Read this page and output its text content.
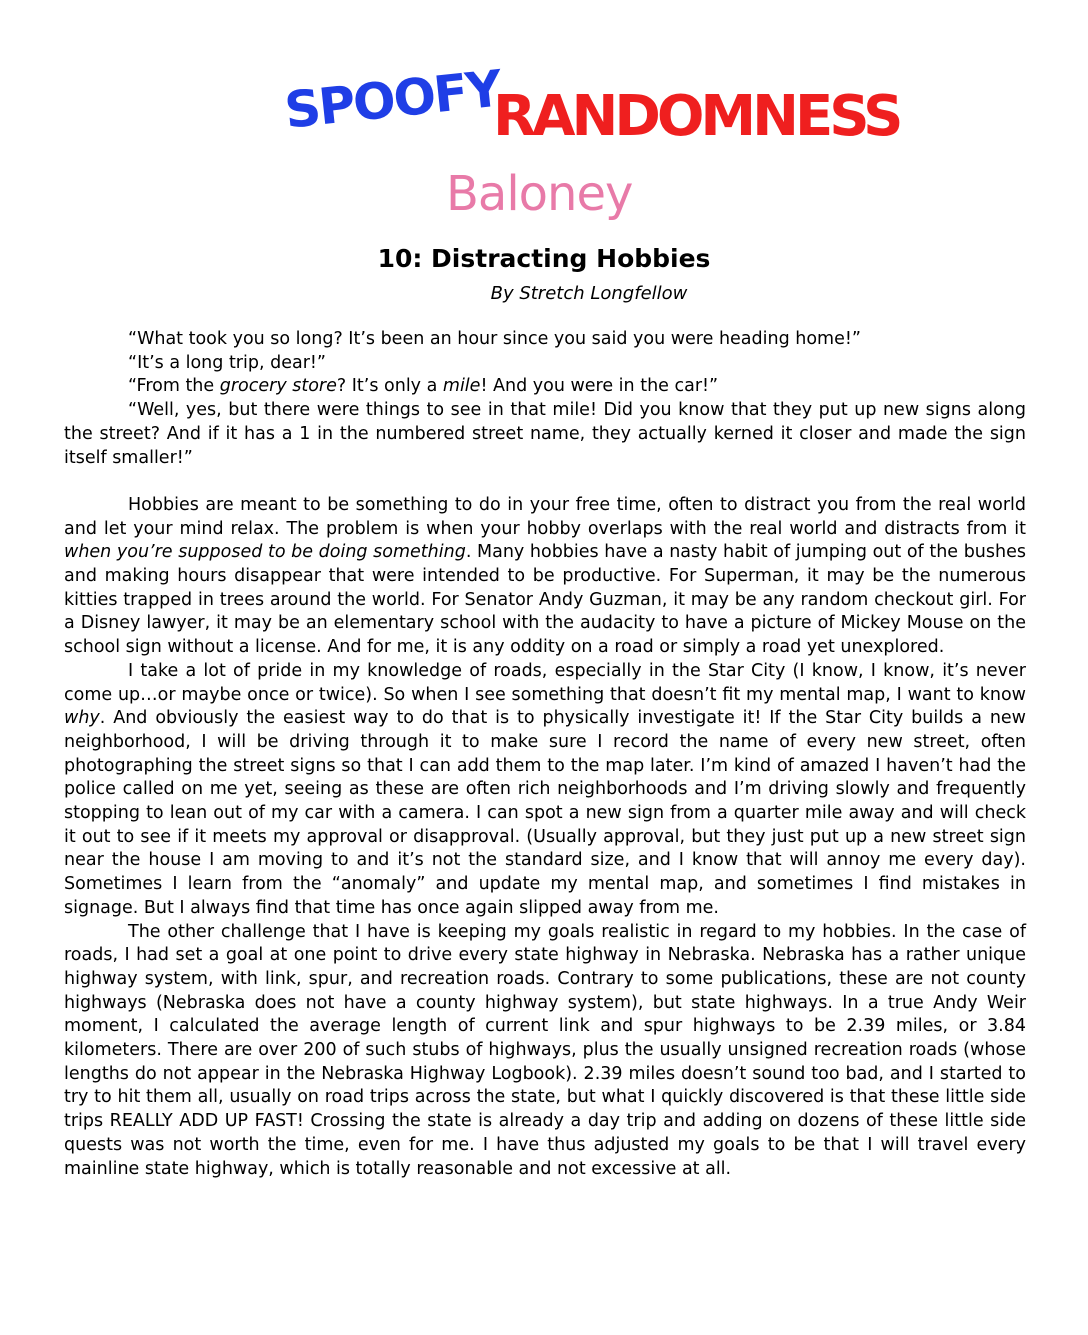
SPOOFY
RANDOMNESS
Baloney
10: Distracting Hobbies
By Stretch Longfellow

“What took you so long? It’s been an hour since you said you were heading home!”

“It’s a long trip, dear!”

“From the grocery store? It’s only a mile! And you were in the car!”

“Well, yes, but there were things to see in that mile! Did you know that they put up new signs along the street? And if it has a 1 in the numbered street name, they actually kerned it closer and made the sign itself smaller!”

Hobbies are meant to be something to do in your free time, often to distract you from the real world and let your mind relax. The problem is when your hobby overlaps with the real world and distracts from it when you’re supposed to be doing something. Many hobbies have a nasty habit of jumping out of the bushes and making hours disappear that were intended to be productive. For Superman, it may be the numerous kitties trapped in trees around the world. For Senator Andy Guzman, it may be any random checkout girl. For a Disney lawyer, it may be an elementary school with the audacity to have a picture of Mickey Mouse on the school sign without a license. And for me, it is any oddity on a road or simply a road yet unexplored.

I take a lot of pride in my knowledge of roads, especially in the Star City (I know, I know, it’s never come up…or maybe once or twice). So when I see something that doesn’t fit my mental map, I want to know why. And obviously the easiest way to do that is to physically investigate it! If the Star City builds a new neighborhood, I will be driving through it to make sure I record the name of every new street, often photographing the street signs so that I can add them to the map later. I’m kind of amazed I haven’t had the police called on me yet, seeing as these are often rich neighborhoods and I’m driving slowly and frequently stopping to lean out of my car with a camera. I can spot a new sign from a quarter mile away and will check it out to see if it meets my approval or disapproval. (Usually approval, but they just put up a new street sign near the house I am moving to and it’s not the standard size, and I know that will annoy me every day). Sometimes I learn from the “anomaly” and update my mental map, and sometimes I find mistakes in signage. But I always find that time has once again slipped away from me.

The other challenge that I have is keeping my goals realistic in regard to my hobbies. In the case of roads, I had set a goal at one point to drive every state highway in Nebraska. Nebraska has a rather unique highway system, with link, spur, and recreation roads. Contrary to some publications, these are not county highways (Nebraska does not have a county highway system), but state highways. In a true Andy Weir moment, I calculated the average length of current link and spur highways to be 2.39 miles, or 3.84 kilometers. There are over 200 of such stubs of highways, plus the usually unsigned recreation roads (whose lengths do not appear in the Nebraska Highway Logbook). 2.39 miles doesn’t sound too bad, and I started to try to hit them all, usually on road trips across the state, but what I quickly discovered is that these little side trips REALLY ADD UP FAST! Crossing the state is already a day trip and adding on dozens of these little side quests was not worth the time, even for me. I have thus adjusted my goals to be that I will travel every mainline state highway, which is totally reasonable and not excessive at all.
